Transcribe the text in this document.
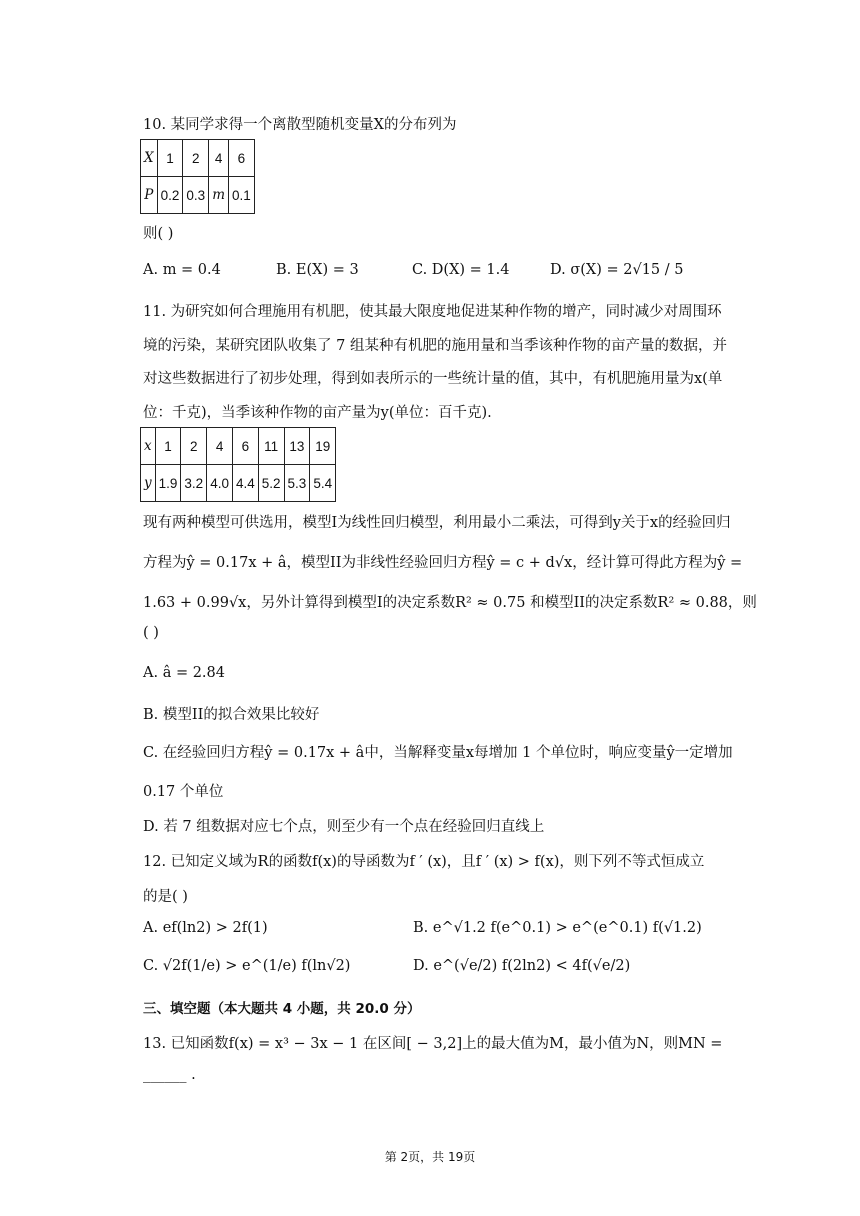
10. 某同学求得一个离散型随机变量X的分布列为
X	1	2	4	6
P	0.2	0.3	m	0.1
则( )
A. m = 0.4	B. E(X) = 3	C. D(X) = 1.4	D. σ(X) = 2√15 / 5
11. 为研究如何合理施用有机肥，使其最大限度地促进某种作物的增产，同时减少对周围环
境的污染，某研究团队收集了 7 组某种有机肥的施用量和当季该种作物的亩产量的数据，并
对这些数据进行了初步处理，得到如表所示的一些统计量的值，其中，有机肥施用量为x(单
位：千克)，当季该种作物的亩产量为y(单位：百千克).
x	1	2	4	6	11	13	19
y	1.9	3.2	4.0	4.4	5.2	5.3	5.4
现有两种模型可供选用，模型I为线性回归模型，利用最小二乘法，可得到y关于x的经验回归
方程为ŷ = 0.17x + â，模型II为非线性经验回归方程ŷ = c + d√x，经计算可得此方程为ŷ =
1.63 + 0.99√x，另外计算得到模型I的决定系数R² ≈ 0.75 和模型II的决定系数R² ≈ 0.88，则
( )
A. â = 2.84
B. 模型II的拟合效果比较好
C. 在经验回归方程ŷ = 0.17x + â中，当解释变量x每增加 1 个单位时，响应变量ŷ一定增加
0.17 个单位
D. 若 7 组数据对应七个点，则至少有一个点在经验回归直线上
12. 已知定义域为R的函数f(x)的导函数为f ′ (x)，且f ′ (x) > f(x)，则下列不等式恒成立
的是( )
A. ef(ln2) > 2f(1)	B. e^√1.2 f(e^0.1) > e^(e^0.1) f(√1.2)
C. √2f(1/e) > e^(1/e) f(ln√2)	D. e^(√e/2) f(2ln2) < 4f(√e/2)
三、填空题（本大题共 4 小题，共 20.0 分）
13. 已知函数f(x) = x³ − 3x − 1 在区间[ − 3,2]上的最大值为M，最小值为N，则MN =
______ .
第 2页，共 19页
